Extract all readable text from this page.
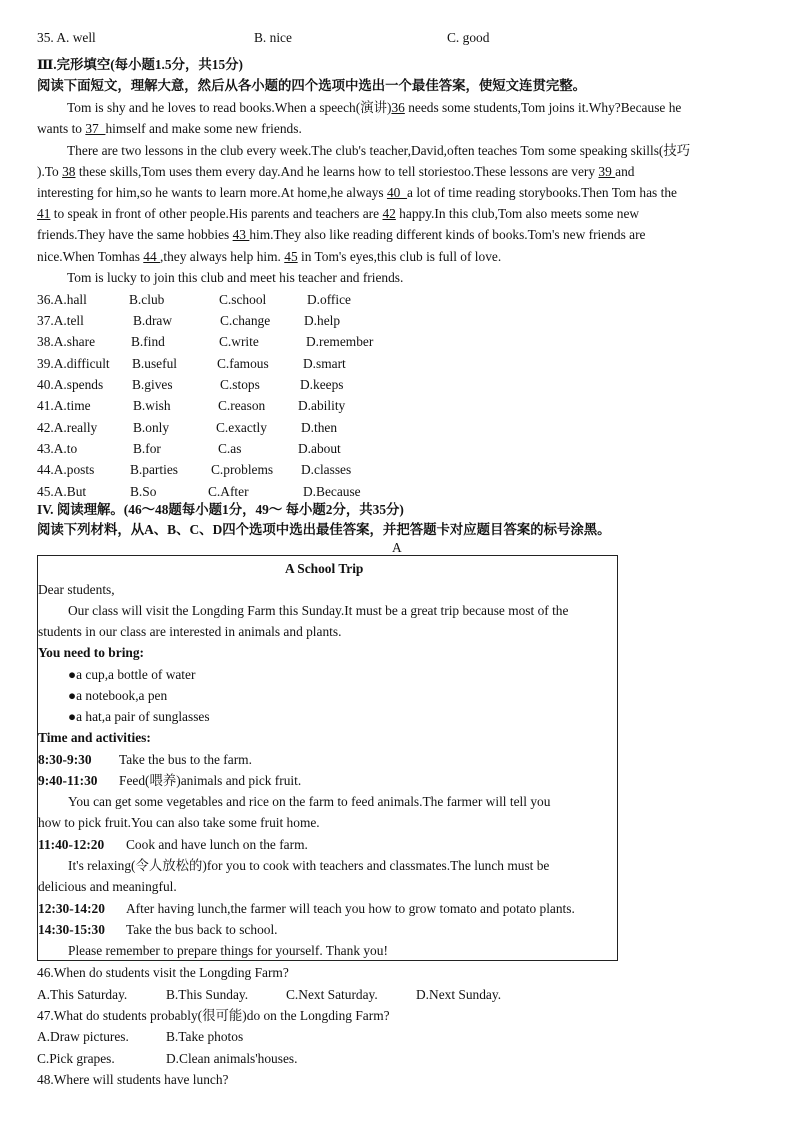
35. A. well	B. nice	C. good
Ⅲ.完形填空(每小题1.5分，共15分)
阅读下面短文，理解大意，然后从各小题的四个选项中选出一个最佳答案，使短文连贯完整。
Tom is shy and he loves to read books.When a speech(演讲)36 needs some students,Tom joins it.Why?Because he
wants to 37  himself and make some new friends.
There are two lessons in the club every week.The club's teacher,David,often teaches Tom some speaking skills(技巧
).To 38 these skills,Tom uses them every day.And he learns how to tell storiestoo.These lessons are very 39 and
interesting for him,so he wants to learn more.At home,he always 40  a lot of time reading storybooks.Then Tom has the
41 to speak in front of other people.His parents and teachers are 42 happy.In this club,Tom also meets some new
friends.They have the same hobbies 43 him.They also like reading different kinds of books.Tom's new friends are
nice.When Tomhas 44 ,they always help him. 45 in Tom's eyes,this club is full of love.
Tom is lucky to join this club and meet his teacher and friends.
36.A.hall	B.club	C.school	D.office
37.A.tell	B.draw	C.change	D.help
38.A.share	B.find	C.write	D.remember
39.A.difficult B.useful	C.famous	D.smart
40.A.spends B.gives	C.stops	D.keeps
41.A.time	B.wish	C.reason D.ability
42.A.really	B.only	C.exactly	D.then
43.A.to	B.for	C.as	D.about
44.A.posts	B.parties C.problems D.classes
45.A.But	B.So	C.After	D.Because
IV. 阅读理解。(46～48题每小题1分，49～ 每小题2分，共35分)
阅读下列材料，从A、B、C、D四个选项中选出最佳答案，并把答题卡对应题目答案的标号涂黑。
A
A School Trip
Dear students,
Our class will visit the Longding Farm this Sunday.It must be a great trip because most of the
students in our class are interested in animals and plants.
You need to bring:
●a cup,a bottle of water
●a notebook,a pen
●a hat,a pair of sunglasses
Time and activities:
8:30-9:30 Take the bus to the farm.
9:40-11:30 Feed(喂养)animals and pick fruit.
You can get some vegetables and rice on the farm to feed animals.The farmer will tell you
how to pick fruit.You can also take some fruit home.
11:40-12:20 Cook and have lunch on the farm.
It's relaxing(令人放松的)for you to cook with teachers and classmates.The lunch must be
delicious and meaningful.
12:30-14:20 After having lunch,the farmer will teach you how to grow tomato and potato plants.
14:30-15:30 Take the bus back to school.
Please remember to prepare things for yourself. Thank you!
46.When do students visit the Longding Farm?
A.This Saturday.	B.This Sunday.	C.Next Saturday.	D.Next Sunday.
47.What do students probably(很可能)do on the Longding Farm?
A.Draw pictures.	B.Take photos
C.Pick grapes.	D.Clean animals'houses.
48.Where will students have lunch?
